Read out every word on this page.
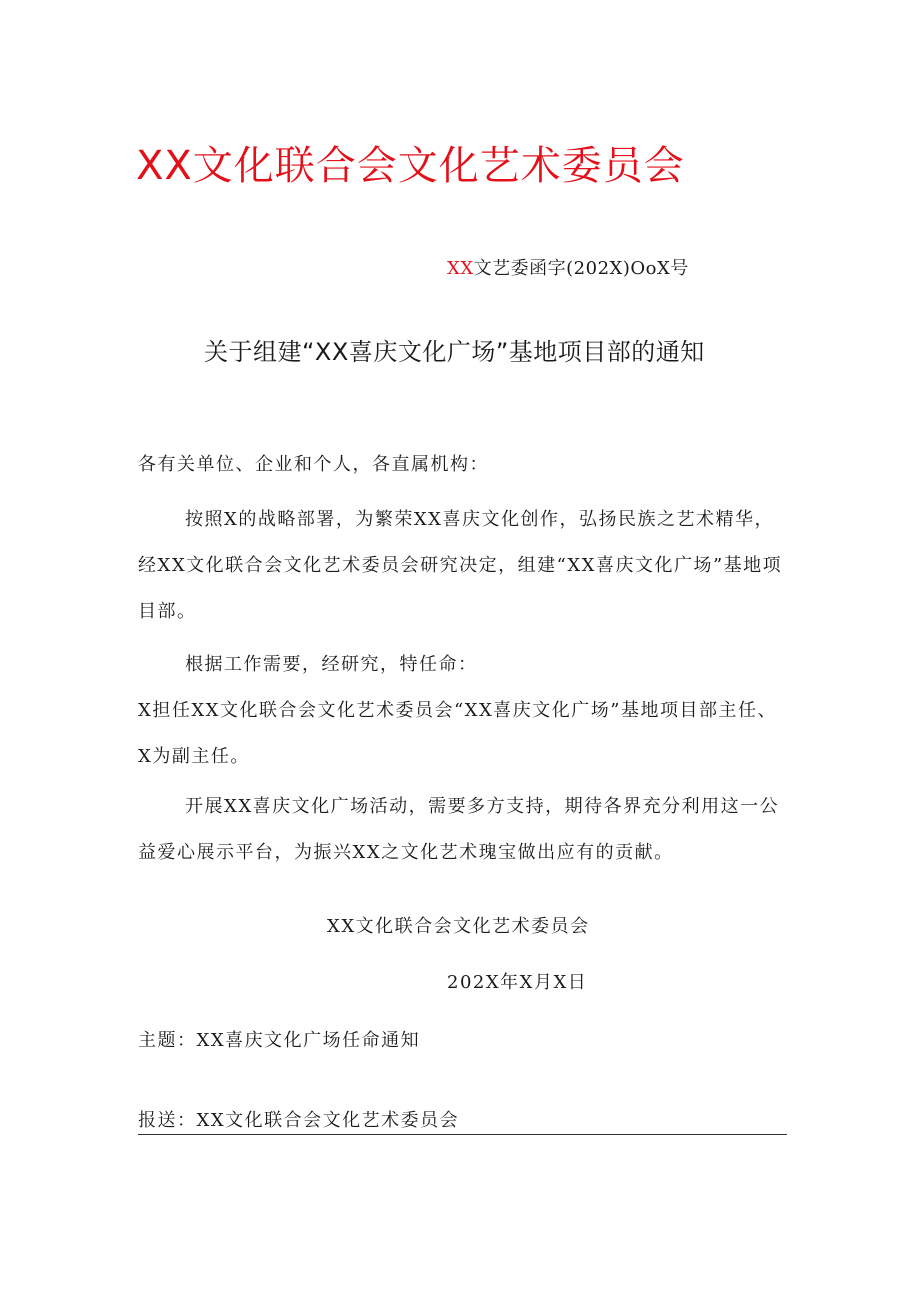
XX文化联合会文化艺术委员会
XX文艺委函字(202X)OoX号
关于组建“XX喜庆文化广场”基地项目部的通知
各有关单位、企业和个人，各直属机构：
按照X的战略部署，为繁荣XX喜庆文化创作，弘扬民族之艺术精华，经XX文化联合会文化艺术委员会研究决定，组建“XX喜庆文化广场”基地项目部。
根据工作需要，经研究，特任命：
X担任XX文化联合会文化艺术委员会“XX喜庆文化广场”基地项目部主任、X为副主任。
开展XX喜庆文化广场活动，需要多方支持，期待各界充分利用这一公益爱心展示平台，为振兴XX之文化艺术瑰宝做出应有的贡献。
XX文化联合会文化艺术委员会
202X年X月X日
主题：XX喜庆文化广场任命通知
报送：XX文化联合会文化艺术委员会
